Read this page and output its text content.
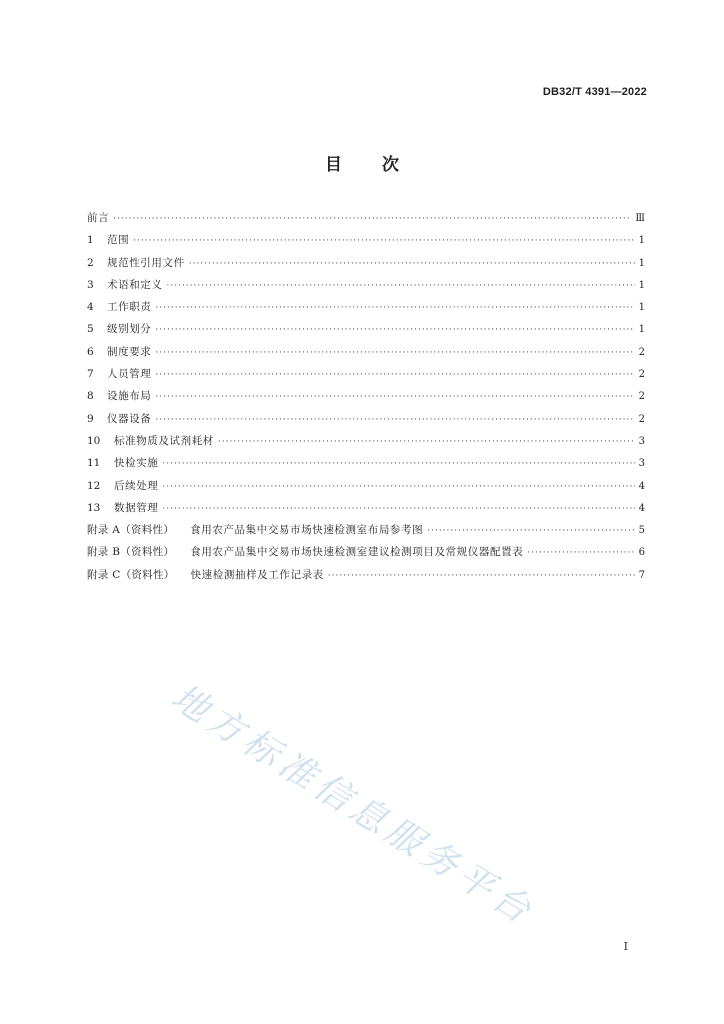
DB32/T 4391—2022
目 次
前言 ·····	Ⅲ
1	范围 ·····	1
2	规范性引用文件 ·····	1
3	术语和定义 ·····	1
4	工作职责 ·····	1
5	级别划分 ·····	1
6	制度要求 ·····	2
7	人员管理 ·····	2
8	设施布局 ·····	2
9	仪器设备 ·····	2
10	标准物质及试剂耗材 ·····	3
11	快检实施 ·····	3
12	后续处理 ·····	4
13	数据管理 ·····	4
附录 A（资料性） 食用农产品集中交易市场快速检测室布局参考图 ·····	5
附录 B（资料性） 食用农产品集中交易市场快速检测室建议检测项目及常规仪器配置表 ·····	6
附录 C（资料性） 快速检测抽样及工作记录表 ·····	7
地方标准信息服务平台
I
